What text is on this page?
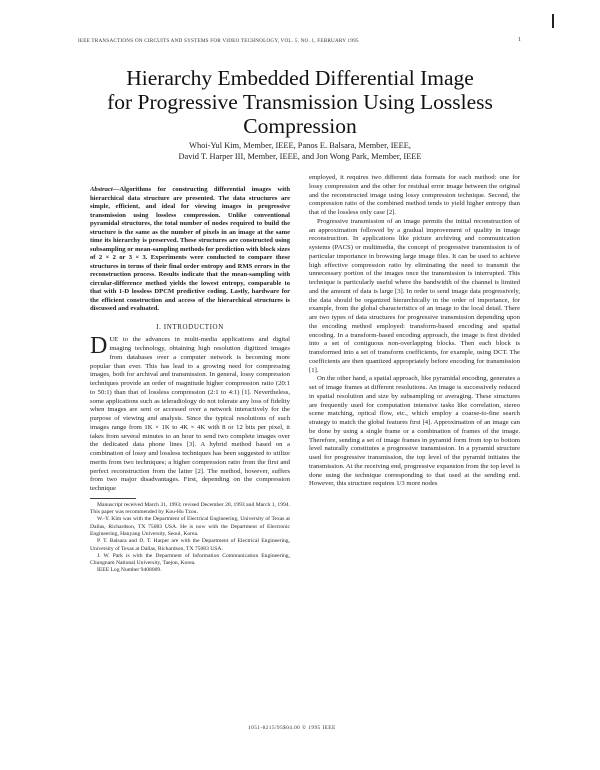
IEEE TRANSACTIONS ON CIRCUITS AND SYSTEMS FOR VIDEO TECHNOLOGY, VOL. 5, NO. 1, FEBRUARY 1995	1
Hierarchy Embedded Differential Image
for Progressive Transmission Using Lossless
Compression
Whoi-Yul Kim, Member, IEEE, Panos E. Balsara, Member, IEEE,
David T. Harper III, Member, IEEE, and Jon Wong Park, Member, IEEE

Abstract—Algorithms for constructing differential images with hierarchical data structure are presented. The data structures are simple, efficient, and ideal for viewing images in progressive transmission using lossless compression. Unlike conventional pyramidal structures, the total number of nodes required to build the structure is the same as the number of pixels in an image at the same time its hierarchy is preserved. These structures are constructed using subsampling or mean-sampling methods for prediction with block sizes of 2 × 2 or 3 × 3. Experiments were conducted to compare these structures in terms of their final order entropy and RMS errors in the reconstruction process. Results indicate that the mean-sampling with circular-difference method yields the lowest entropy, comparable to that with 1-D lossless DPCM predictive coding. Lastly, hardware for the efficient construction and access of the hierarchical structures is discussed and evaluated.

I. INTRODUCTION

DUE to the advances in multi-media applications and digital imaging technology, obtaining high resolution digitized images from databases over a computer network is becoming more popular than ever. This has lead to a growing need for compressing images, both for archival and transmission. In general, lossy compression techniques provide an order of magnitude higher compression ratio (20:1 to 50:1) than that of lossless compression (2:1 to 4:1) [1]. Nevertheless, some applications such as teleradiology do not tolerate any loss of fidelity when images are sent or accessed over a network interactively for the purpose of viewing and analysis. Since the typical resolutions of such images range from 1K × 1K to 4K × 4K with 8 or 12 bits per pixel, it takes from several minutes to an hour to send two complete images over the dedicated data phone lines [3]. A hybrid method based on a combination of lossy and lossless techniques has been suggested to utilize merits from two techniques; a higher compression ratio from the first and perfect reconstruction from the latter [2]. The method, however, suffers from two major disadvantages. First, depending on the compression technique

Manuscript received March 31, 1993; revised December 20, 1993 and March 1, 1994. This paper was recommended by Kou-Hu Tzou.

W.-Y. Kim was with the Department of Electrical Engineering, University of Texas at Dallas, Richardson, TX 75083 USA. He is now with the Department of Electronic Engineering, Hanyang University, Seoul, Korea.

P. T. Balsara and D. T. Harper are with the Department of Electrical Engineering, University of Texas at Dallas, Richardson, TX 75083 USA.

J. W. Park is with the Department of Information Communication Engineering, Chungnam National University, Taejon, Korea.

IEEE Log Number 9408009.

employed, it requires two different data formats for each method: one for lossy compression and the other for residual error image between the original and the reconstructed image using lossy compression technique. Second, the compression ratio of the combined method tends to yield higher entropy than that of the lossless only case [2].

Progressive transmission of an image permits the initial reconstruction of an approximation followed by a gradual improvement of quality in image reconstruction. In applications like picture archiving and communication systems (PACS) or multimedia, the concept of progressive transmission is of particular importance in browsing large image files. It can be used to achieve high effective compression ratio by eliminating the need to transmit the unnecessary portion of the images once the transmission is interrupted. This technique is particularly useful where the bandwidth of the channel is limited and the amount of data is large [3]. In order to send image data progressively, the data should be organized hierarchically in the order of importance, for example, from the global characteristics of an image to the local detail. There are two types of data structures for progressive transmission depending upon the encoding method employed: transform-based encoding and spatial encoding. In a transform-based encoding approach, the image is first divided into a set of contiguous non-overlapping blocks. Then each block is transformed into a set of transform coefficients, for example, using DCT. The coefficients are then quantized appropriately before encoding for transmission [1].

On the other hand, a spatial approach, like pyramidal encoding, generates a set of image frames at different resolutions. An image is successively reduced in spatial resolution and size by subsampling or averaging. These structures are frequently used for computation intensive tasks like correlation, stereo scene matching, optical flow, etc., which employ a coarse-to-fine search strategy to match the global features first [4]. Approximation of an image can be done by using a single frame or a combination of frames of the image. Therefore, sending a set of image frames in pyramid form from top to bottom level naturally constitutes a progressive transmission. In a pyramid structure used for progressive transmission, the top level of the pyramid initiates the transmission. At the receiving end, progressive expansion from the top level is done using the technique corresponding to that used at the sending end. However, this structure requires 1/3 more nodes

1051-8215/95$04.00 © 1995 IEEE
